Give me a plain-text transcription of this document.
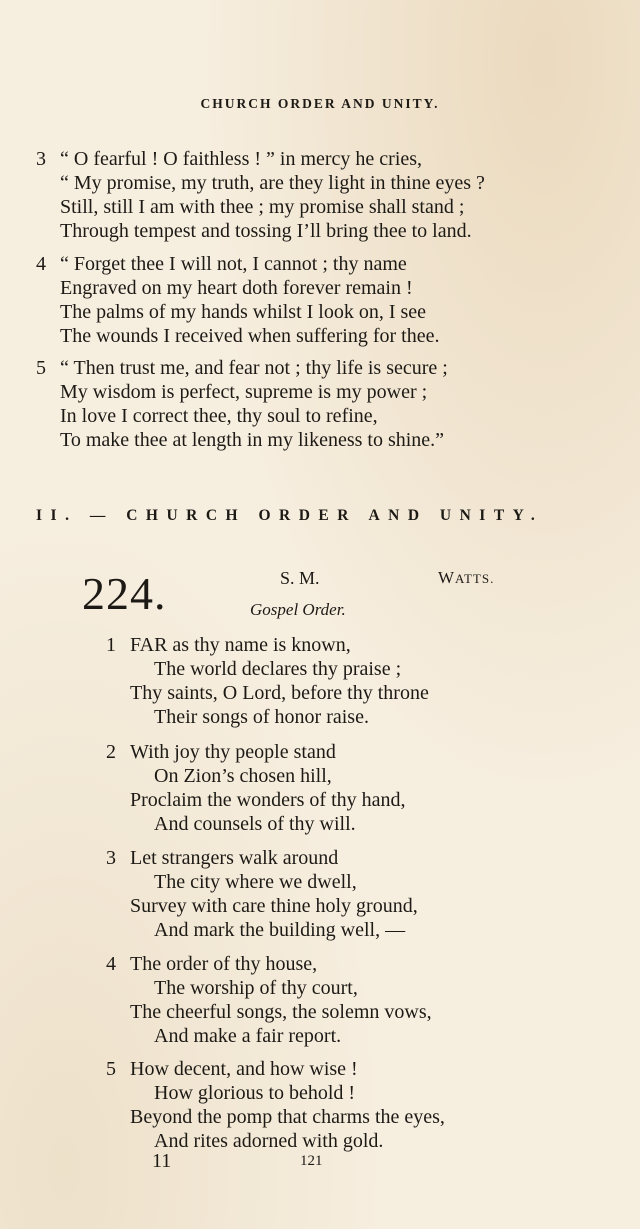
CHURCH ORDER AND UNITY.
3 “ O fearful ! O faithless ! ” in mercy he cries,
“ My promise, my truth, are they light in thine eyes ?
Still, still I am with thee ; my promise shall stand ;
Through tempest and tossing I’ll bring thee to land.
4 “ Forget thee I will not, I cannot ; thy name
Engraved on my heart doth forever remain !
The palms of my hands whilst I look on, I see
The wounds I received when suffering for thee.
5 “ Then trust me, and fear not ; thy life is secure ;
My wisdom is perfect, supreme is my power ;
In love I correct thee, thy soul to refine,
To make thee at length in my likeness to shine.”
II. — CHURCH ORDER AND UNITY.
224.	S. M.	WATTS.
Gospel Order.
1 FAR as thy name is known,
The world declares thy praise ;
Thy saints, O Lord, before thy throne
Their songs of honor raise.
2 With joy thy people stand
On Zion’s chosen hill,
Proclaim the wonders of thy hand,
And counsels of thy will.
3 Let strangers walk around
The city where we dwell,
Survey with care thine holy ground,
And mark the building well, —
4 The order of thy house,
The worship of thy court,
The cheerful songs, the solemn vows,
And make a fair report.
5 How decent, and how wise !
How glorious to behold !
Beyond the pomp that charms the eyes,
And rites adorned with gold.
11	121
